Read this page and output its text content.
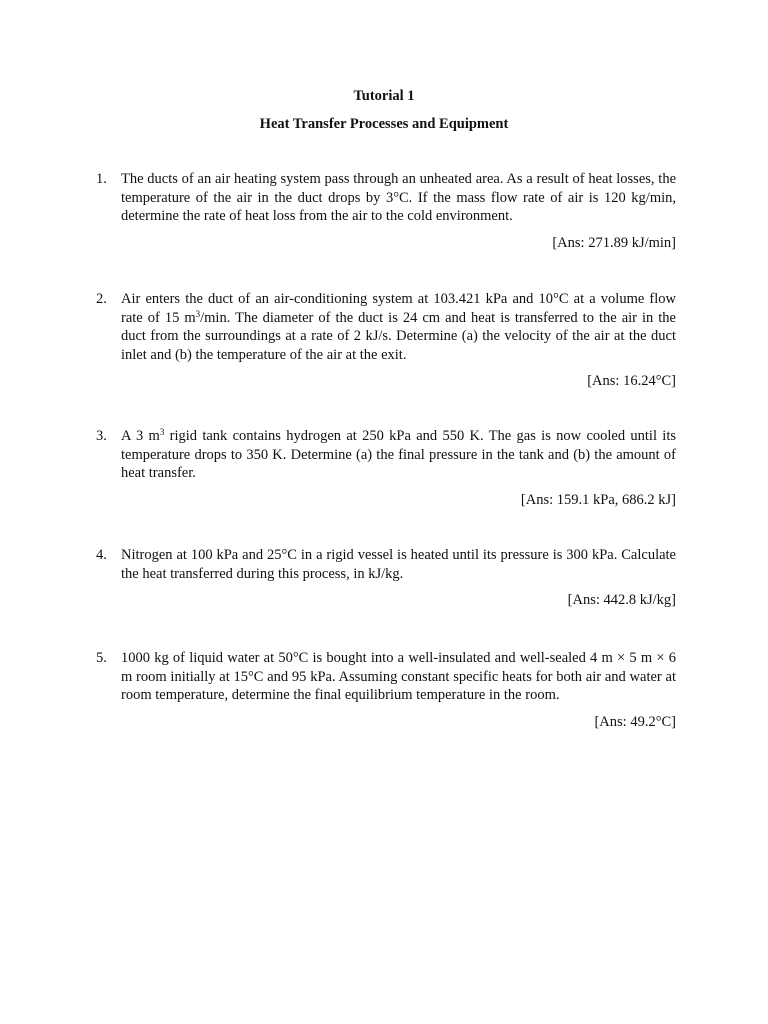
Tutorial 1
Heat Transfer Processes and Equipment
1. The ducts of an air heating system pass through an unheated area. As a result of heat losses, the temperature of the air in the duct drops by 3°C. If the mass flow rate of air is 120 kg/min, determine the rate of heat loss from the air to the cold environment.

[Ans: 271.89 kJ/min]

2. Air enters the duct of an air-conditioning system at 103.421 kPa and 10°C at a volume flow rate of 15 $m^3/\min$. The diameter of the duct is 24 cm and heat is transferred to the air in the duct from the surroundings at a rate of 2 kJ/s. Determine (a) the velocity of the air at the duct inlet and (b) the temperature of the air at the exit.

[Ans: 16.24°C]

3. A 3 $m^3$ rigid tank contains hydrogen at 250 kPa and 550 K. The gas is now cooled until its temperature drops to 350 K. Determine (a) the final pressure in the tank and (b) the amount of heat transfer.

[Ans: 159.1 kPa, 686.2 kJ]

4. Nitrogen at 100 kPa and 25°C in a rigid vessel is heated until its pressure is 300 kPa. Calculate the heat transferred during this process, in kJ/kg.

[Ans: 442.8 kJ/kg]

5. 1000 kg of liquid water at 50°C is bought into a well-insulated and well-sealed 4 m × 5 m × 6 m room initially at 15°C and 95 kPa. Assuming constant specific heats for both air and water at room temperature, determine the final equilibrium temperature in the room.

[Ans: 49.2°C]
